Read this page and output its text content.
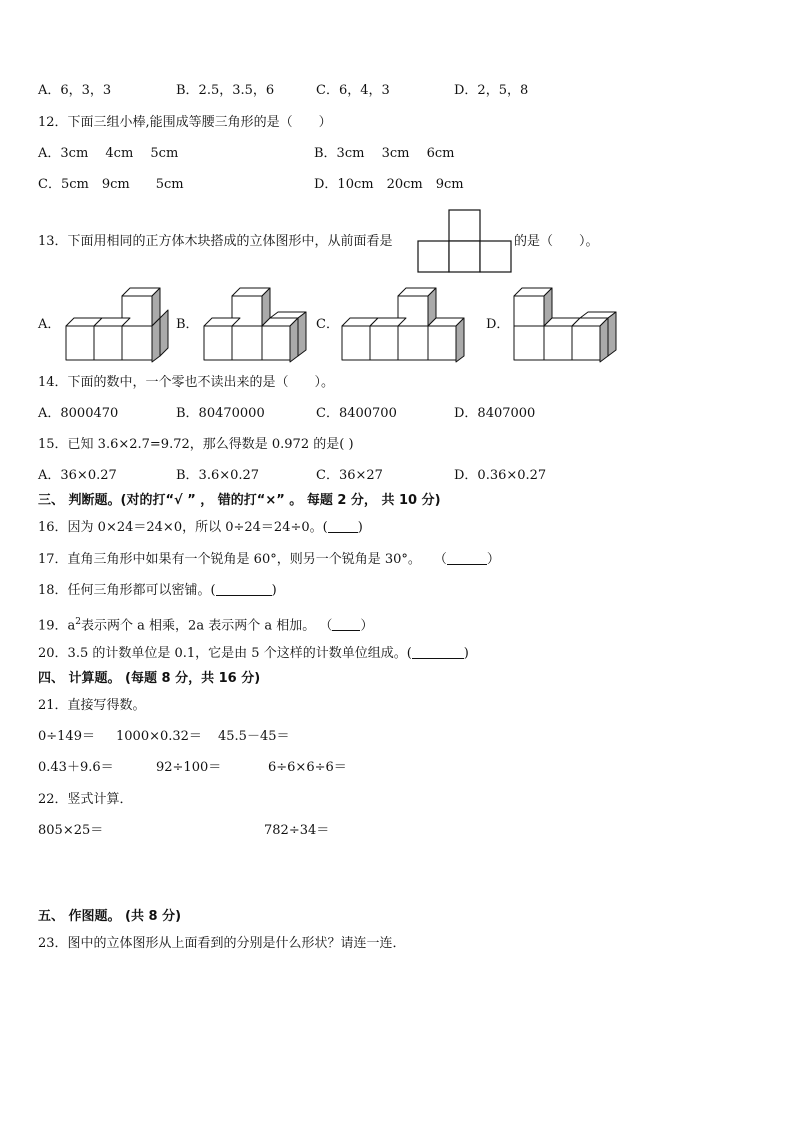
A．6，3，3	B．2.5，3.5，6	C．6，4，3	D．2，5，8
12．下面三组小棒,能围成等腰三角形的是（　　）
A．3cm　 4cm　 5cm	B．3cm　 3cm　 6cm
C．5cm　9cm　　5cm	D．10cm　20cm　9cm
13．下面用相同的正方体木块搭成的立体图形中，从前面看是	的是（　　）。
A．	B．	C．	D．
14．下面的数中，一个零也不读出来的是（　　）。
A．8000470	B．80470000	C．8400700	D．8407000
15．已知 3.6×2.7=9.72，那么得数是 0.972 的是( )
A．36×0.27	B．3.6×0.27	C．36×27	D．0.36×0.27
三、 判断题。(对的打“√ ” ， 错的打“×” 。 每题 2 分， 共 10 分)
16．因为 0×24＝24×0，所以 0÷24＝24÷0。( )
17．直角三角形中如果有一个锐角是 60°，则另一个锐角是 30°。　　（	）
18．任何三角形都可以密铺。(	)
19．$a^2$表示两个 a 相乘，2a 表示两个 a 相加。 （ ）
20．3.5 的计数单位是 0.1，它是由 5 个这样的计数单位组成。(	)
四、 计算题。 (每题 8 分，共 16 分)
21．直接写得数。
0÷149＝ 1000×0.32＝ 45.5－45＝
0.43＋9.6＝	92÷100＝	6÷6×6÷6＝
22．竖式计算．
805×25＝	782÷34＝
五、 作图题。 (共 8 分)
23．图中的立体图形从上面看到的分别是什么形状？请连一连．
